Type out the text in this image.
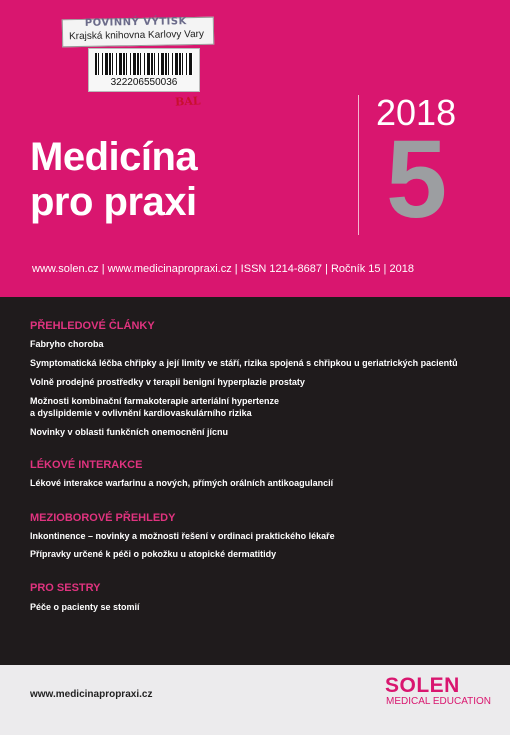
POVINNÝ VÝTISK
Krajská knihovna Karlovy Vary
322206550036
BAL
Medicína
pro praxi
2018
5
www.solen.cz | www.medicinapropraxi.cz | ISSN 1214-8687 | Ročník 15 | 2018
PŘEHLEDOVÉ ČLÁNKY
Fabryho choroba
Symptomatická léčba chřipky a její limity ve stáří, rizika spojená s chřipkou u geriatrických pacientů
Volně prodejné prostředky v terapii benigní hyperplazie prostaty
Možnosti kombinační farmakoterapie arteriální hypertenze
a dyslipidemie v ovlivnění kardiovaskulárního rizika
Novinky v oblasti funkčních onemocnění jícnu
LÉKOVÉ INTERAKCE
Lékové interakce warfarinu a nových, přímých orálních antikoagulancií
MEZIOBOROVÉ PŘEHLEDY
Inkontinence – novinky a možnosti řešení v ordinaci praktického lékaře
Přípravky určené k péči o pokožku u atopické dermatitidy
PRO SESTRY
Péče o pacienty se stomií
www.medicinapropraxi.cz	SOLEN
MEDICAL EDUCATION
